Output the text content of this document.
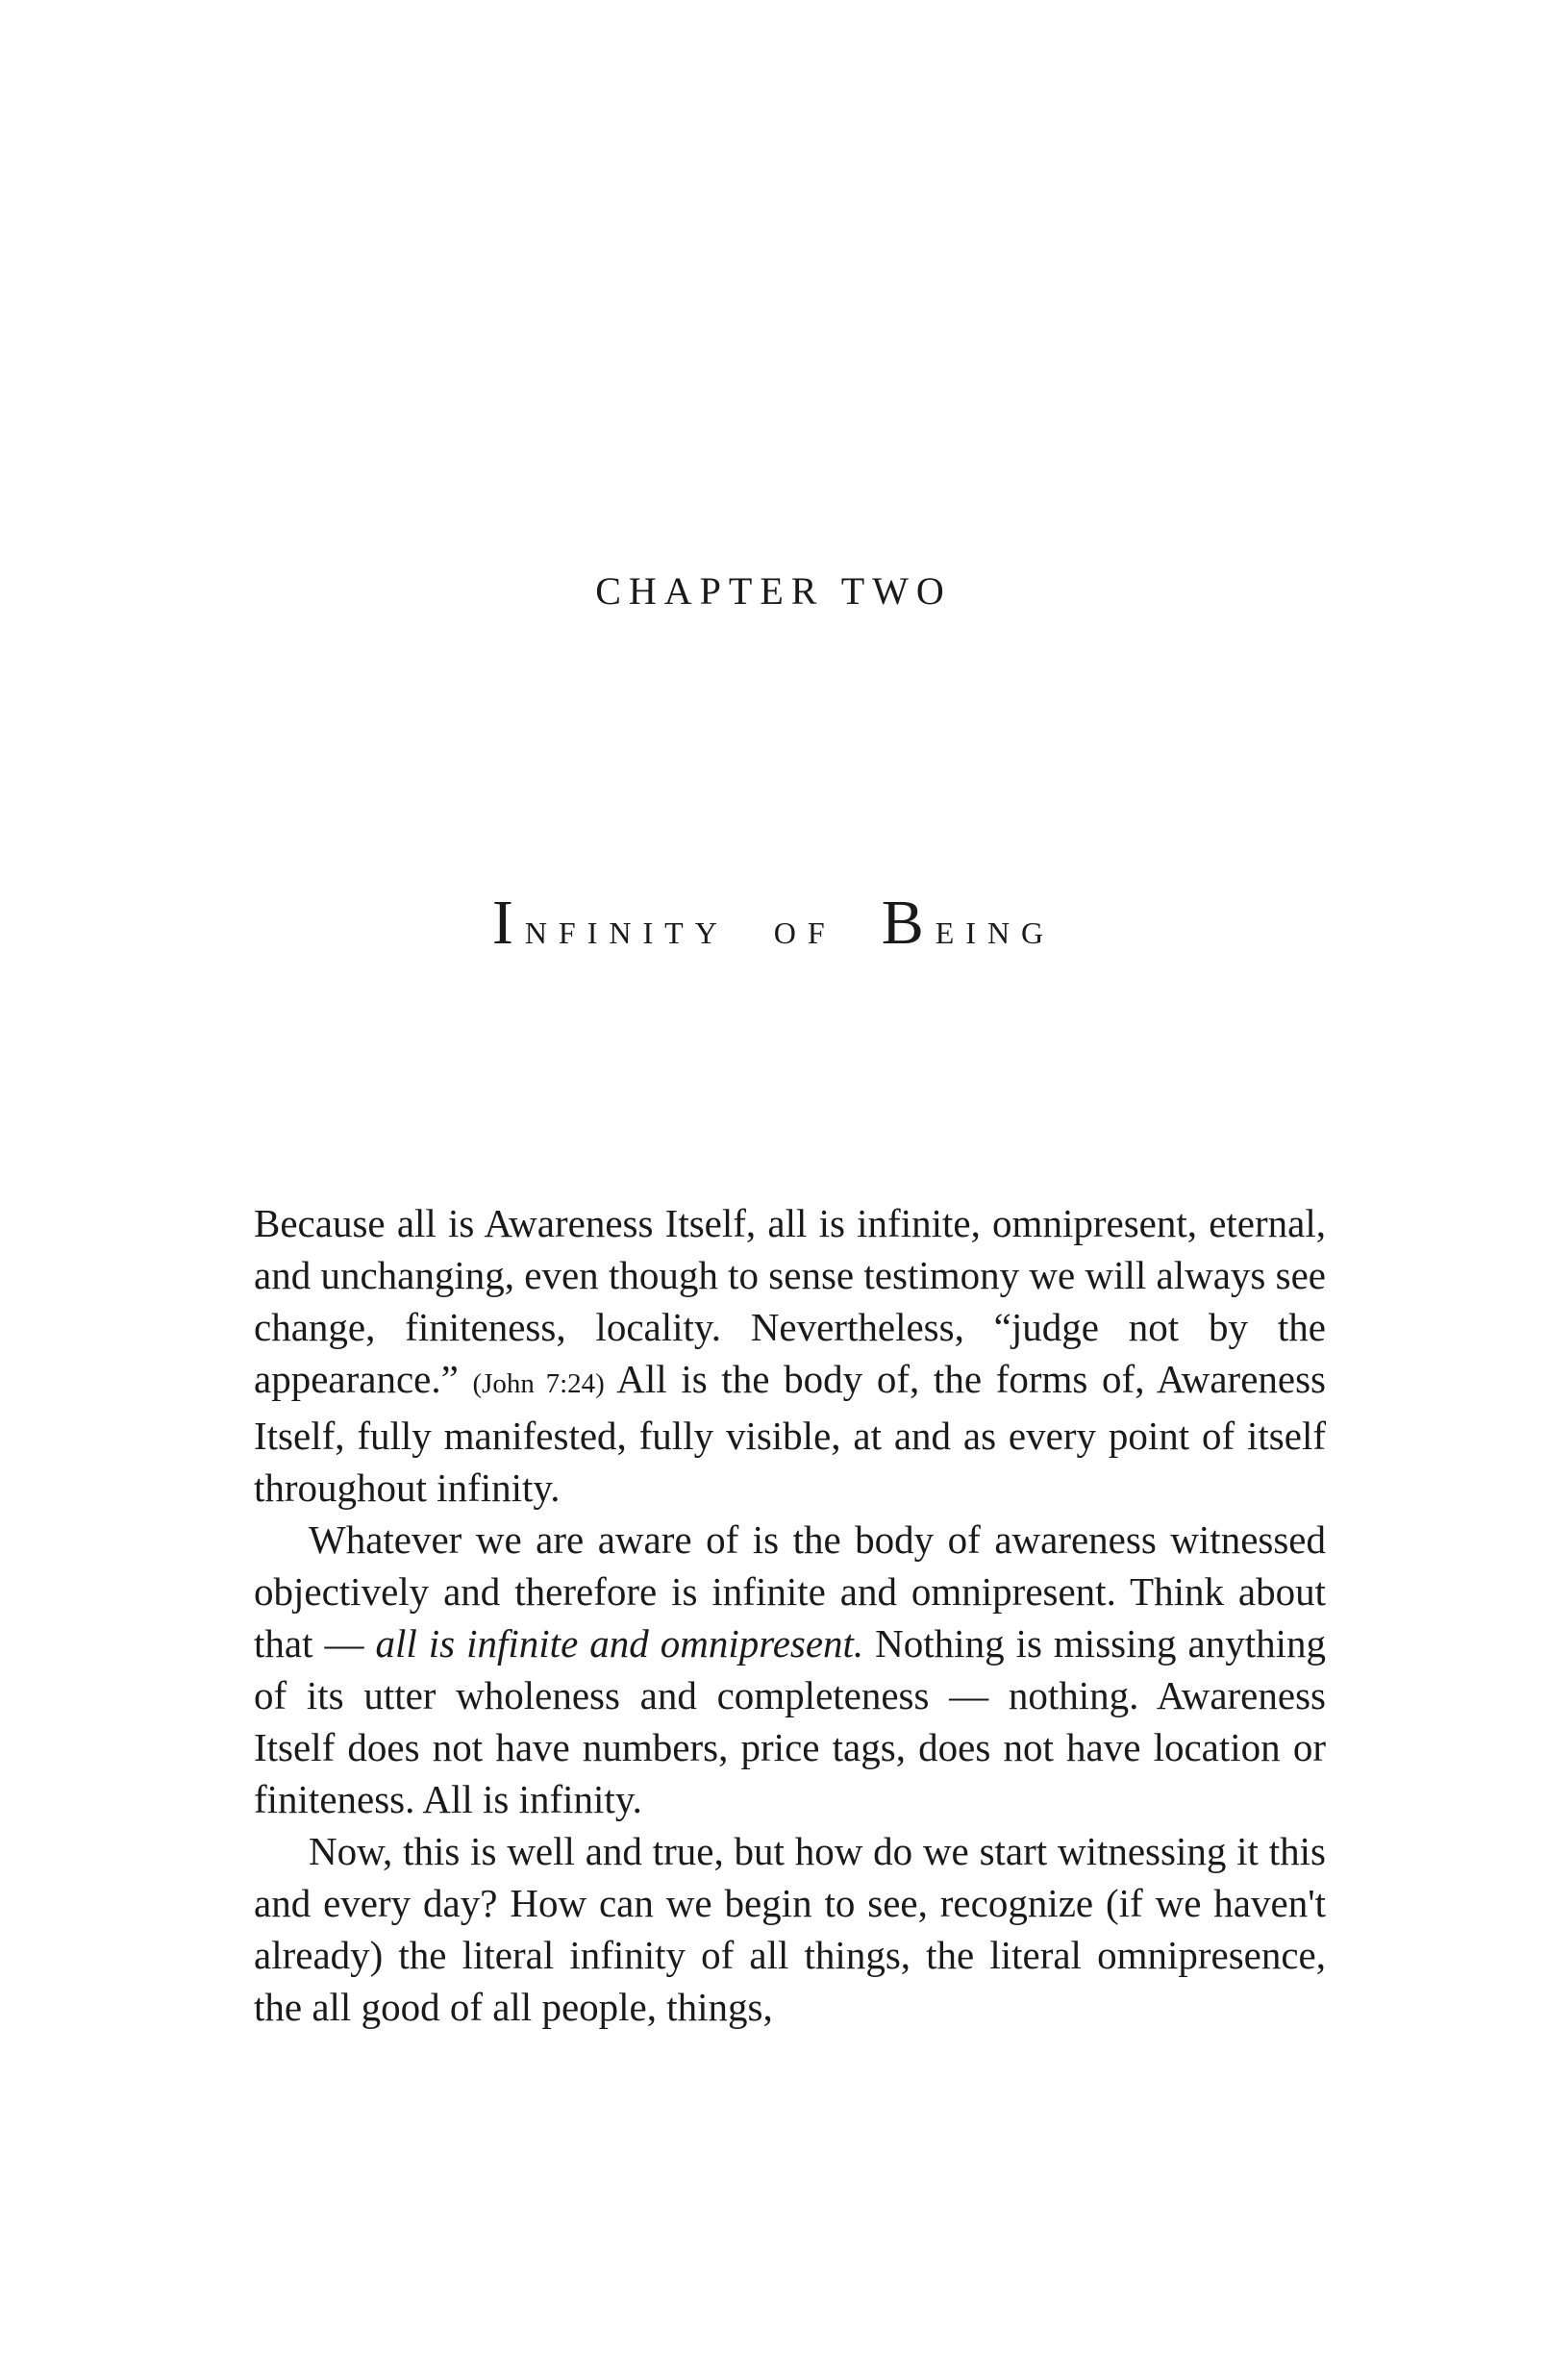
CHAPTER TWO
Infinity of Being

Because all is Awareness Itself, all is infinite, omnipresent, eternal, and unchanging, even though to sense testimony we will always see change, finiteness, locality. Nevertheless, “judge not by the appearance.” (John 7:24) All is the body of, the forms of, Awareness Itself, fully manifested, fully visible, at and as every point of itself throughout infinity.

Whatever we are aware of is the body of awareness witnessed objectively and therefore is infinite and omnipresent. Think about that — all is infinite and omnipresent. Nothing is missing anything of its utter wholeness and completeness — nothing. Awareness Itself does not have numbers, price tags, does not have location or finiteness. All is infinity.

Now, this is well and true, but how do we start witnessing it this and every day? How can we begin to see, recognize (if we haven't already) the literal infinity of all things, the literal omnipresence, the all good of all people, things,
